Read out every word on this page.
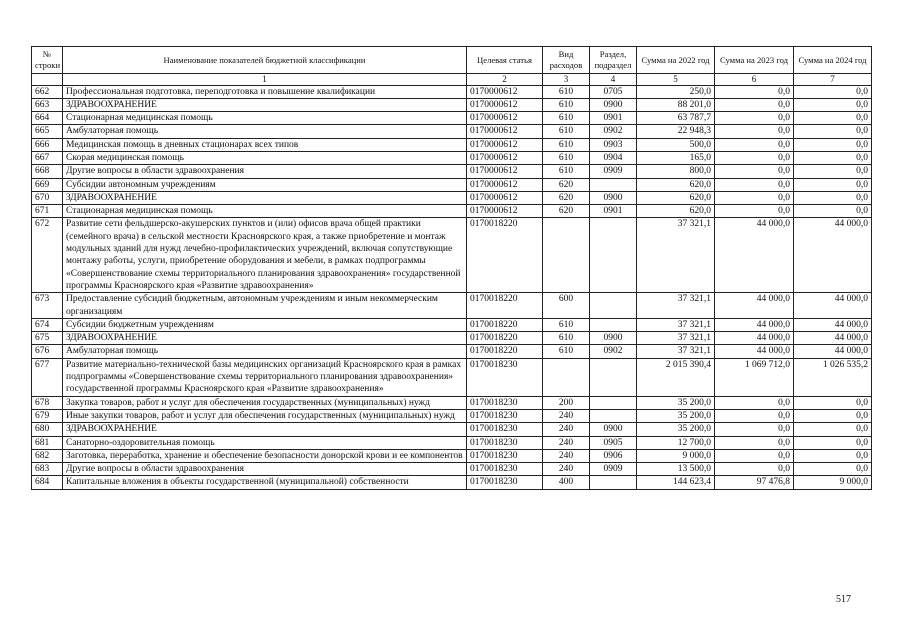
№ строки	Наименование показателей бюджетной классификации	Целевая статья	Вид расходов	Раздел, подраздел	Сумма на 2022 год	Сумма на 2023 год	Сумма на 2024 год
	1	2	3	4	5	6	7
662	Профессиональная подготовка, переподготовка и повышение квалификации	0170000612	610	0705	250,0	0,0	0,0
663	ЗДРАВООХРАНЕНИЕ	0170000612	610	0900	88 201,0	0,0	0,0
664	Стационарная медицинская помощь	0170000612	610	0901	63 787,7	0,0	0,0
665	Амбулаторная помощь	0170000612	610	0902	22 948,3	0,0	0,0
666	Медицинская помощь в дневных стационарах всех типов	0170000612	610	0903	500,0	0,0	0,0
667	Скорая медицинская помощь	0170000612	610	0904	165,0	0,0	0,0
668	Другие вопросы в области здравоохранения	0170000612	610	0909	800,0	0,0	0,0
669	Субсидии автономным учреждениям	0170000612	620		620,0	0,0	0,0
670	ЗДРАВООХРАНЕНИЕ	0170000612	620	0900	620,0	0,0	0,0
671	Стационарная медицинская помощь	0170000612	620	0901	620,0	0,0	0,0
672	Развитие сети фельдшерско-акушерских пунктов и (или) офисов врача общей практики (семейного врача) в сельской местности Красноярского края, а также приобретение и монтаж модульных зданий для нужд лечебно-профилактических учреждений, включая сопутствующие монтажу работы, услуги, приобретение оборудования и мебели, в рамках подпрограммы «Совершенствование схемы территориального планирования здравоохранения» государственной программы Красноярского края «Развитие здравоохранения»	0170018220			37 321,1	44 000,0	44 000,0
673	Предоставление субсидий бюджетным, автономным учреждениям и иным некоммерческим организациям	0170018220	600		37 321,1	44 000,0	44 000,0
674	Субсидии бюджетным учреждениям	0170018220	610		37 321,1	44 000,0	44 000,0
675	ЗДРАВООХРАНЕНИЕ	0170018220	610	0900	37 321,1	44 000,0	44 000,0
676	Амбулаторная помощь	0170018220	610	0902	37 321,1	44 000,0	44 000,0
677	Развитие материально-технической базы медицинских организаций Красноярского края в рамках подпрограммы «Совершенствование схемы территориального планирования здравоохранения» государственной программы Красноярского края «Развитие здравоохранения»	0170018230			2 015 390,4	1 069 712,0	1 026 535,2
678	Закупка товаров, работ и услуг для обеспечения государственных (муниципальных) нужд	0170018230	200		35 200,0	0,0	0,0
679	Иные закупки товаров, работ и услуг для обеспечения государственных (муниципальных) нужд	0170018230	240		35 200,0	0,0	0,0
680	ЗДРАВООХРАНЕНИЕ	0170018230	240	0900	35 200,0	0,0	0,0
681	Санаторно-оздоровительная помощь	0170018230	240	0905	12 700,0	0,0	0,0
682	Заготовка, переработка, хранение и обеспечение безопасности донорской крови и ее компонентов	0170018230	240	0906	9 000,0	0,0	0,0
683	Другие вопросы в области здравоохранения	0170018230	240	0909	13 500,0	0,0	0,0
684	Капитальные вложения в объекты государственной (муниципальной) собственности	0170018230	400		144 623,4	97 476,8	9 000,0
517
